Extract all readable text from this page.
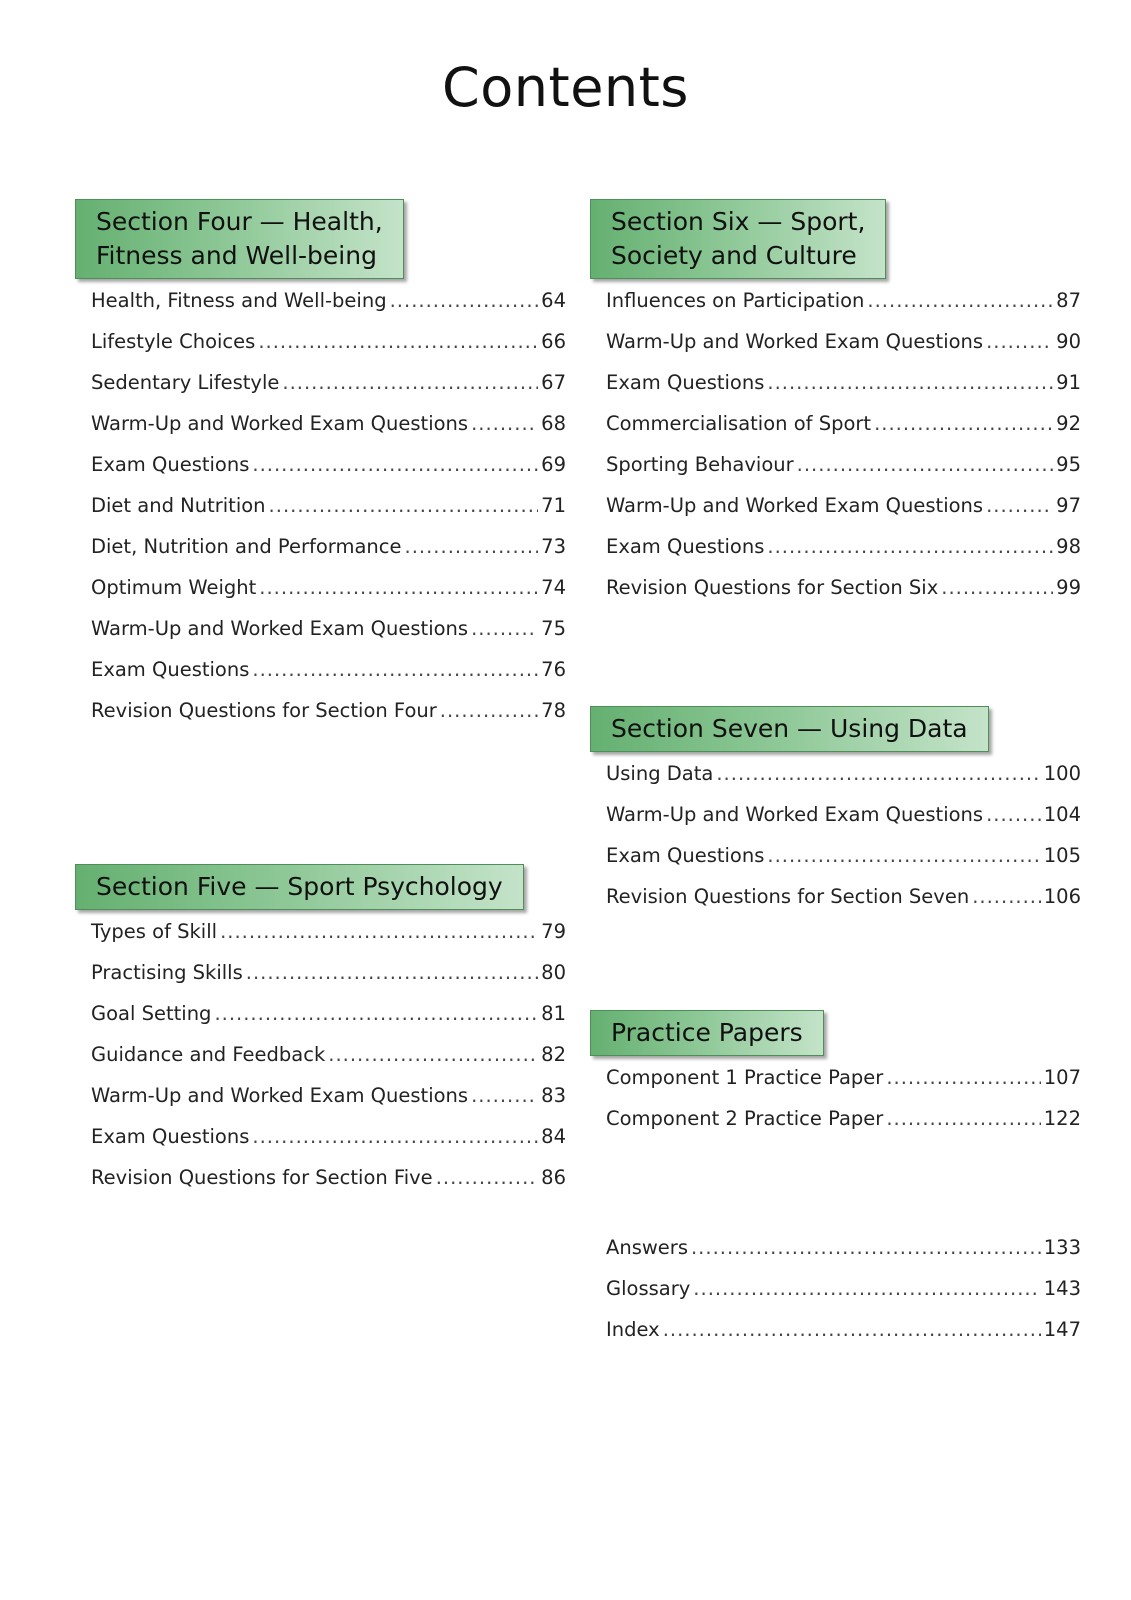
Contents
Section Four — Health,
Fitness and Well-being
Health, Fitness and Well-being .....	64
Lifestyle Choices .....	66
Sedentary Lifestyle .....	67
Warm-Up and Worked Exam Questions .....	68
Exam Questions .....	69
Diet and Nutrition .....	71
Diet, Nutrition and Performance .....	73
Optimum Weight .....	74
Warm-Up and Worked Exam Questions .....	75
Exam Questions .....	76
Revision Questions for Section Four .....	78
Section Five — Sport Psychology
Types of Skill .....	79
Practising Skills .....	80
Goal Setting .....	81
Guidance and Feedback .....	82
Warm-Up and Worked Exam Questions .....	83
Exam Questions .....	84
Revision Questions for Section Five .....	86
Section Six — Sport,
Society and Culture
Influences on Participation .....	87
Warm-Up and Worked Exam Questions .....	90
Exam Questions .....	91
Commercialisation of Sport .....	92
Sporting Behaviour .....	95
Warm-Up and Worked Exam Questions .....	97
Exam Questions .....	98
Revision Questions for Section Six .....	99
Section Seven — Using Data
Using Data .....	100
Warm-Up and Worked Exam Questions .....	104
Exam Questions .....	105
Revision Questions for Section Seven .....	106
Practice Papers
Component 1 Practice Paper .....	107
Component 2 Practice Paper .....	122
Answers .....	133
Glossary .....	143
Index .....	147
